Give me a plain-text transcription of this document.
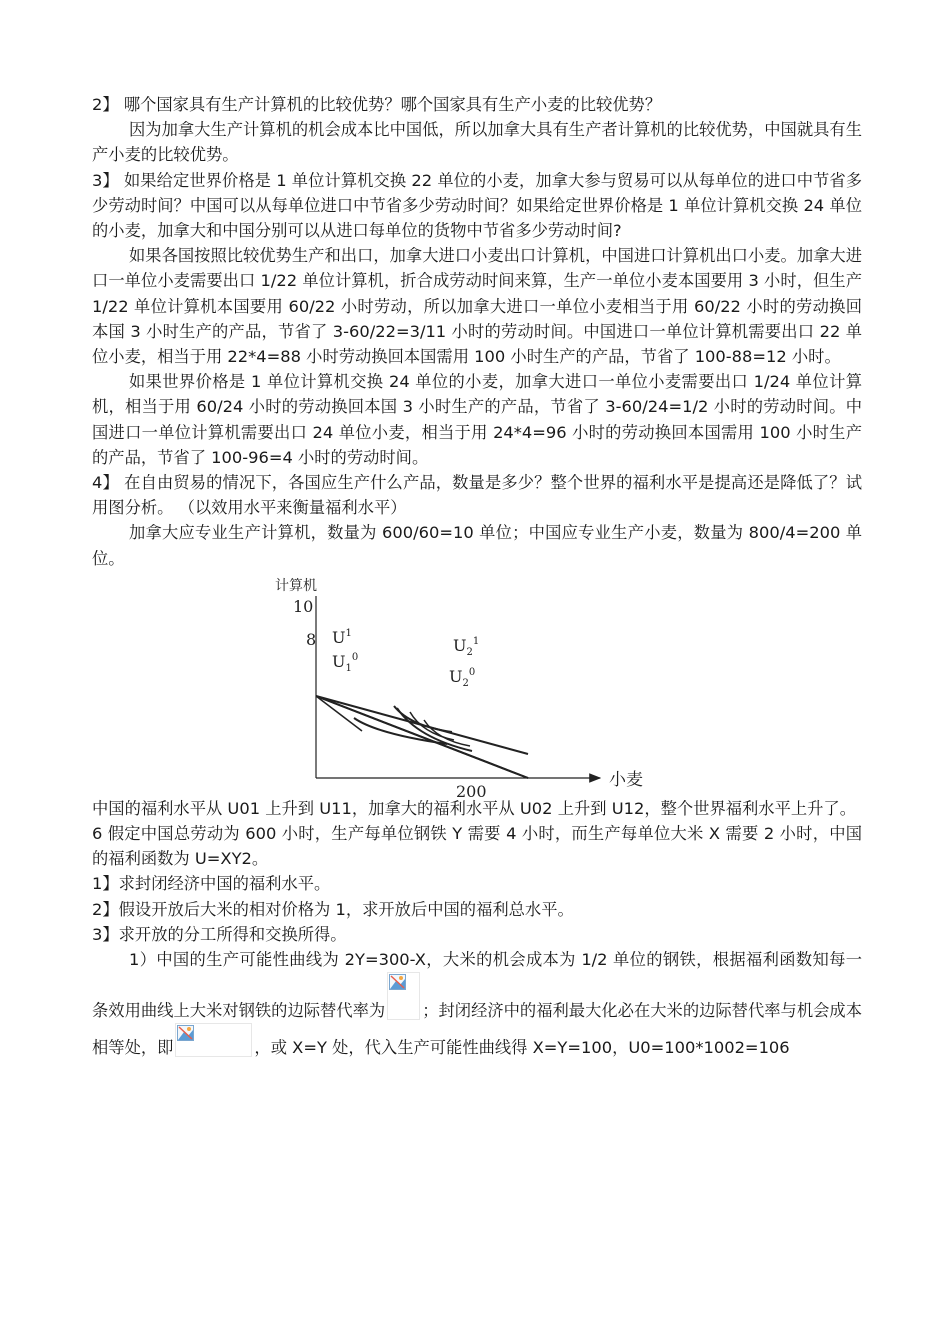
2】 哪个国家具有生产计算机的比较优势？哪个国家具有生产小麦的比较优势？

因为加拿大生产计算机的机会成本比中国低，所以加拿大具有生产者计算机的比较优势，中国就具有生产小麦的比较优势。

3】 如果给定世界价格是 1 单位计算机交换 22 单位的小麦，加拿大参与贸易可以从每单位的进口中节省多少劳动时间？中国可以从每单位进口中节省多少劳动时间？如果给定世界价格是 1 单位计算机交换 24 单位的小麦，加拿大和中国分别可以从进口每单位的货物中节省多少劳动时间?

如果各国按照比较优势生产和出口，加拿大进口小麦出口计算机，中国进口计算机出口小麦。加拿大进口一单位小麦需要出口 1/22 单位计算机，折合成劳动时间来算，生产一单位小麦本国要用 3 小时，但生产 1/22 单位计算机本国要用 60/22 小时劳动，所以加拿大进口一单位小麦相当于用 60/22 小时的劳动换回本国 3 小时生产的产品，节省了 3-60/22=3/11 小时的劳动时间。中国进口一单位计算机需要出口 22 单位小麦，相当于用 22*4=88 小时劳动换回本国需用 100 小时生产的产品，节省了 100-88=12 小时。

如果世界价格是 1 单位计算机交换 24 单位的小麦，加拿大进口一单位小麦需要出口 1/24 单位计算机，相当于用 60/24 小时的劳动换回本国 3 小时生产的产品，节省了 3-60/24=1/2 小时的劳动时间。中国进口一单位计算机需要出口 24 单位小麦，相当于用 24*4=96 小时的劳动换回本国需用 100 小时生产的产品，节省了 100-96=4 小时的劳动时间。

4】 在自由贸易的情况下，各国应生产什么产品，数量是多少？整个世界的福利水平是提高还是降低了？试用图分析。 （以效用水平来衡量福利水平）

加拿大应专业生产计算机，数量为 600/60=10 单位；中国应专业生产小麦，数量为 800/4=200 单位。

计算机
小麦
10
8
200
$U^1$
$U_1^0$
$U_2^1$
$U_2^0$

中国的福利水平从 U01 上升到 U11，加拿大的福利水平从 U02 上升到 U12，整个世界福利水平上升了。

6 假定中国总劳动为 600 小时，生产每单位钢铁 Y 需要 4 小时，而生产每单位大米 X 需要 2 小时，中国的福利函数为 U=XY2。

1】求封闭经济中国的福利水平。

2】假设开放后大米的相对价格为 1，求开放后中国的福利总水平。

3】求开放的分工所得和交换所得。

1）中国的生产可能性曲线为 2Y=300-X，大米的机会成本为 1/2 单位的钢铁，根据福利函数知每一条效用曲线上大米对钢铁的边际替代率为 ；封闭经济中的福利最大化必在大米的边际替代率与机会成本相等处，即	，或 X=Y 处，代入生产可能性曲线得 X=Y=100，U0=100*1002=106
